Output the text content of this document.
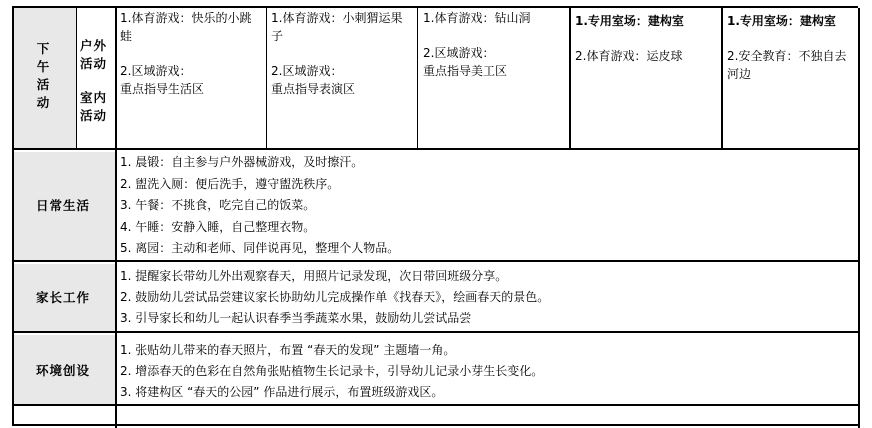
下午活动
户外活动
室内活动

1.体育游戏：快乐的小跳

蛙

2.区域游戏：

重点指导生活区

1.体育游戏：小刺猬运果

子

2.区域游戏：

重点指导表演区

1.体育游戏：钻山洞

2.区域游戏：

重点指导美工区

1.专用室场：建构室

2.体育游戏：运皮球

1.专用室场：建构室

2.安全教育：不独自去

河边

日常生活

1. 晨锻：自主参与户外器械游戏，及时擦汗。

2. 盥洗入厕：便后洗手，遵守盥洗秩序。

3. 午餐：不挑食，吃完自己的饭菜。

4. 午睡：安静入睡，自己整理衣物。

5. 离园：主动和老师、同伴说再见，整理个人物品。

家长工作

1. 提醒家长带幼儿外出观察春天，用照片记录发现，次日带回班级分享。

2. 鼓励幼儿尝试品尝建议家长协助幼儿完成操作单《找春天》，绘画春天的景色。

3. 引导家长和幼儿一起认识春季当季蔬菜水果，鼓励幼儿尝试品尝

环境创设

1. 张贴幼儿带来的春天照片，布置 “春天的发现” 主题墙一角。

2. 增添春天的色彩在自然角张贴植物生长记录卡，引导幼儿记录小芽生长变化。

3. 将建构区 “春天的公园” 作品进行展示，布置班级游戏区。
